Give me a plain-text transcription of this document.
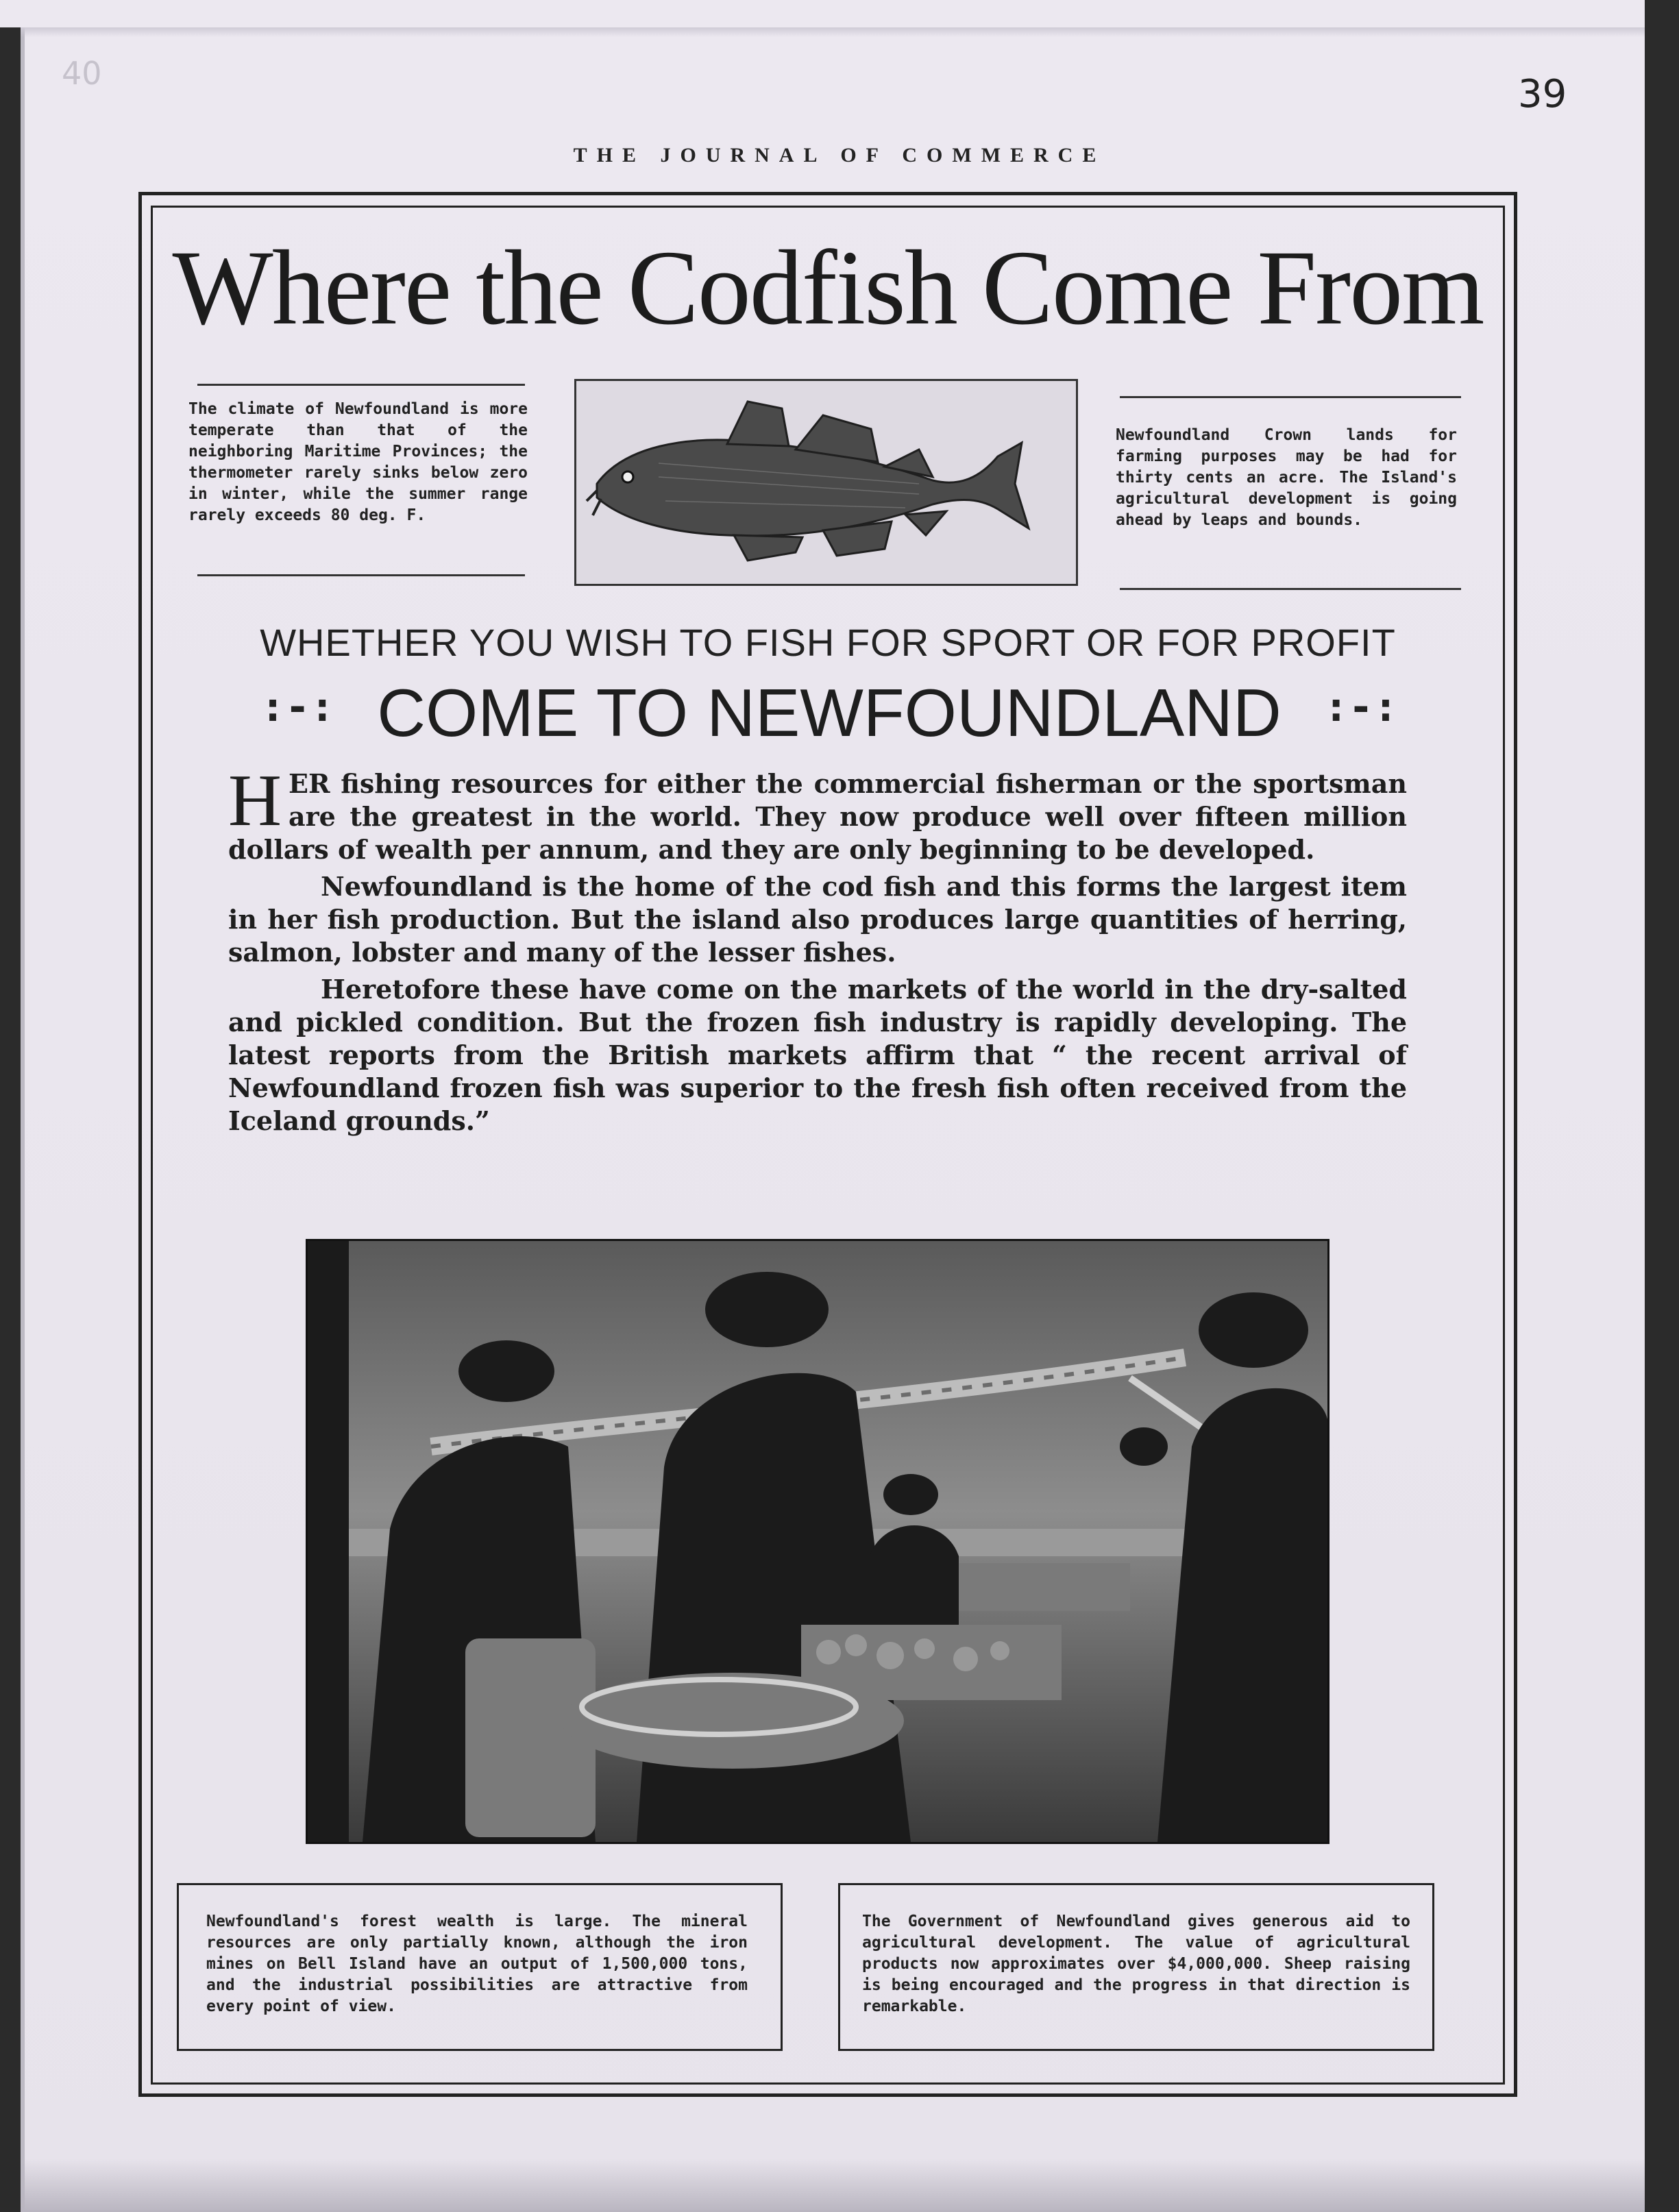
40	39
THE JOURNAL OF COMMERCE
Where the Codfish Come From
The climate of Newfoundland is more temperate than that of the neighboring Maritime Provinces; the thermometer rarely sinks below zero in winter, while the summer range rarely exceeds 80 deg. F.
Newfoundland Crown lands for farming purposes may be had for thirty cents an acre. The Island's agricultural development is going ahead by leaps and bounds.
WHETHER YOU WISH TO FISH FOR SPORT OR FOR PROFIT
COME TO NEWFOUNDLAND
:-:	:-:

HER fishing resources for either the commercial fisherman or the sportsman are the greatest in the world. They now produce well over fifteen million dollars of wealth per annum, and they are only beginning to be developed.

Newfoundland is the home of the cod fish and this forms the largest item in her fish production. But the island also produces large quantities of herring, salmon, lobster and many of the lesser fishes.

Heretofore these have come on the markets of the world in the dry-salted and pickled condition. But the frozen fish industry is rapidly developing. The latest reports from the British markets affirm that “ the recent arrival of Newfoundland frozen fish was superior to the fresh fish often received from the Iceland grounds.”

Newfoundland's forest wealth is large. The mineral resources are only partially known, although the iron mines on Bell Island have an output of 1,500,000 tons, and the industrial possibilities are attractive from every point of view.
The Government of Newfoundland gives generous aid to agricultural development. The value of agricultural products now approximates over $4,000,000. Sheep raising is being encouraged and the progress in that direction is remarkable.
